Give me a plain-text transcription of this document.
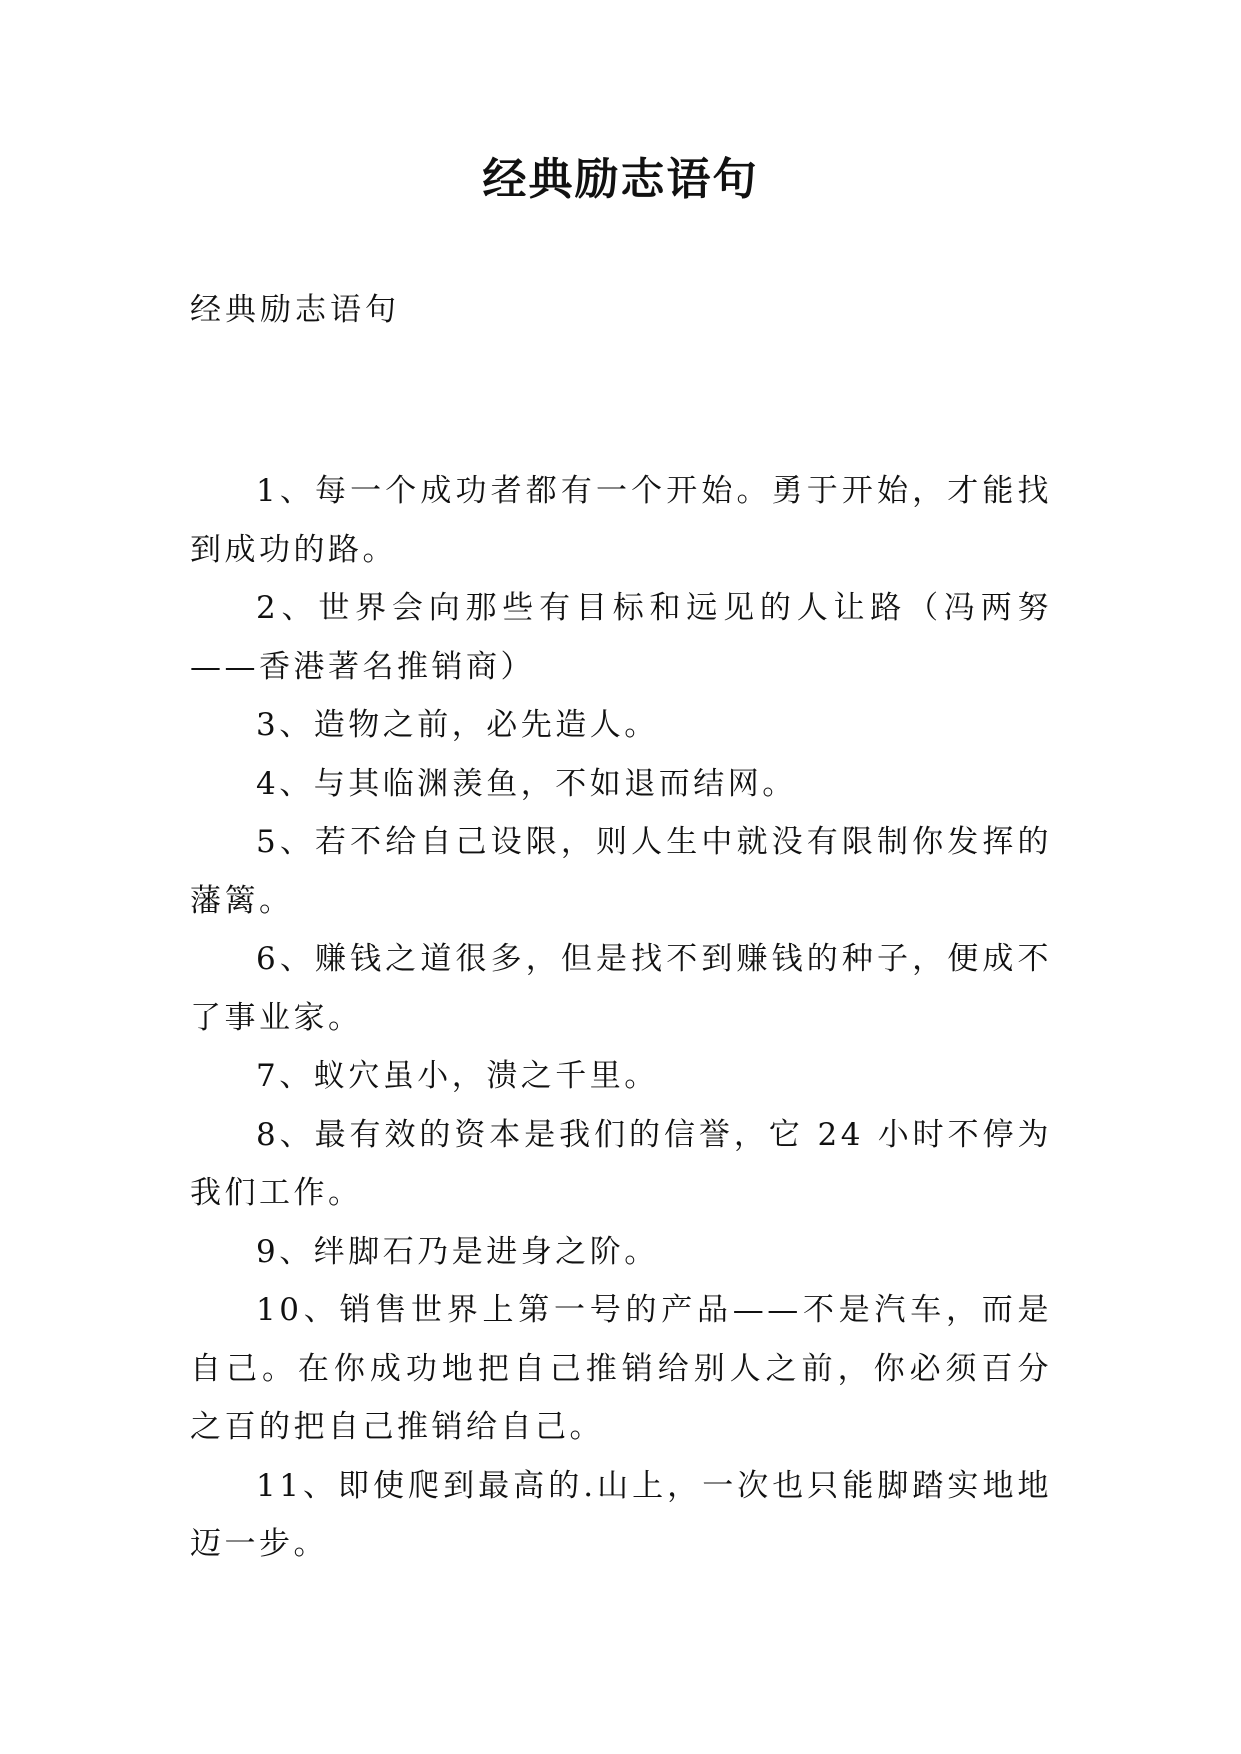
经典励志语句
经典励志语句

1、每一个成功者都有一个开始。勇于开始，才能找到成功的路。

2、世界会向那些有目标和远见的人让路（冯两努——香港著名推销商）

3、造物之前，必先造人。

4、与其临渊羡鱼，不如退而结网。

5、若不给自己设限，则人生中就没有限制你发挥的藩篱。

6、赚钱之道很多，但是找不到赚钱的种子，便成不了事业家。

7、蚁穴虽小，溃之千里。

8、最有效的资本是我们的信誉，它 24 小时不停为我们工作。

9、绊脚石乃是进身之阶。

10、销售世界上第一号的产品——不是汽车，而是自己。在你成功地把自己推销给别人之前，你必须百分之百的把自己推销给自己。

11、即使爬到最高的.山上，一次也只能脚踏实地地迈一步。
